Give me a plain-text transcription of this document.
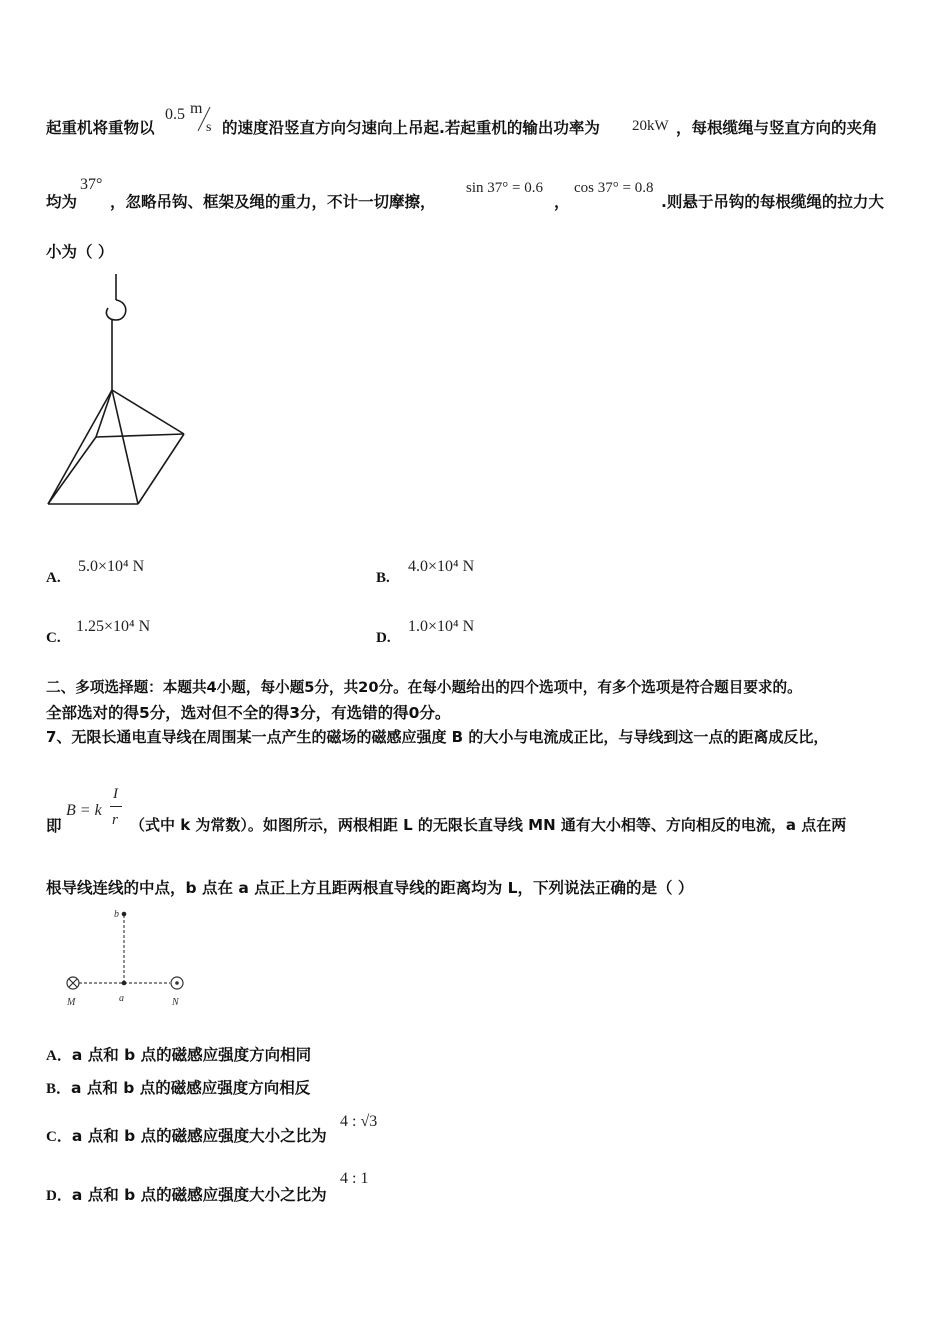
起重机将重物以
0.5 m
s 的速度沿竖直方向匀速向上吊起.若起重机的输出功率为 20kW ，每根缆绳与竖直方向的夹角
均为
37°
，忽略吊钩、框架及绳的重力，不计一切摩擦，
sin 37° = 0.6
，
cos 37° = 0.8
.则悬于吊钩的每根缆绳的拉力大
小为（ ）
A.
5.0×10⁴ N
B.
4.0×10⁴ N
C.
1.25×10⁴ N
D.
1.0×10⁴ N
二、多项选择题：本题共4小题，每小题5分，共20分。在每小题给出的四个选项中，有多个选项是符合题目要求的。
全部选对的得5分，选对但不全的得3分，有选错的得0分。
7、无限长通电直导线在周围某一点产生的磁场的磁感应强度 B 的大小与电流成正比，与导线到这一点的距离成反比，
即
B = k
I
r （式中 k 为常数）。如图所示，两根相距 L 的无限长直导线 MN 通有大小相等、方向相反的电流，a 点在两
根导线连线的中点，b 点在 a 点正上方且距两根直导线的距离均为 L，下列说法正确的是（ ）
b
a
M	N
A．a 点和 b 点的磁感应强度方向相同
B．a 点和 b 点的磁感应强度方向相反
C．a 点和 b 点的磁感应强度大小之比为
4 : √3
D．a 点和 b 点的磁感应强度大小之比为
4 : 1
